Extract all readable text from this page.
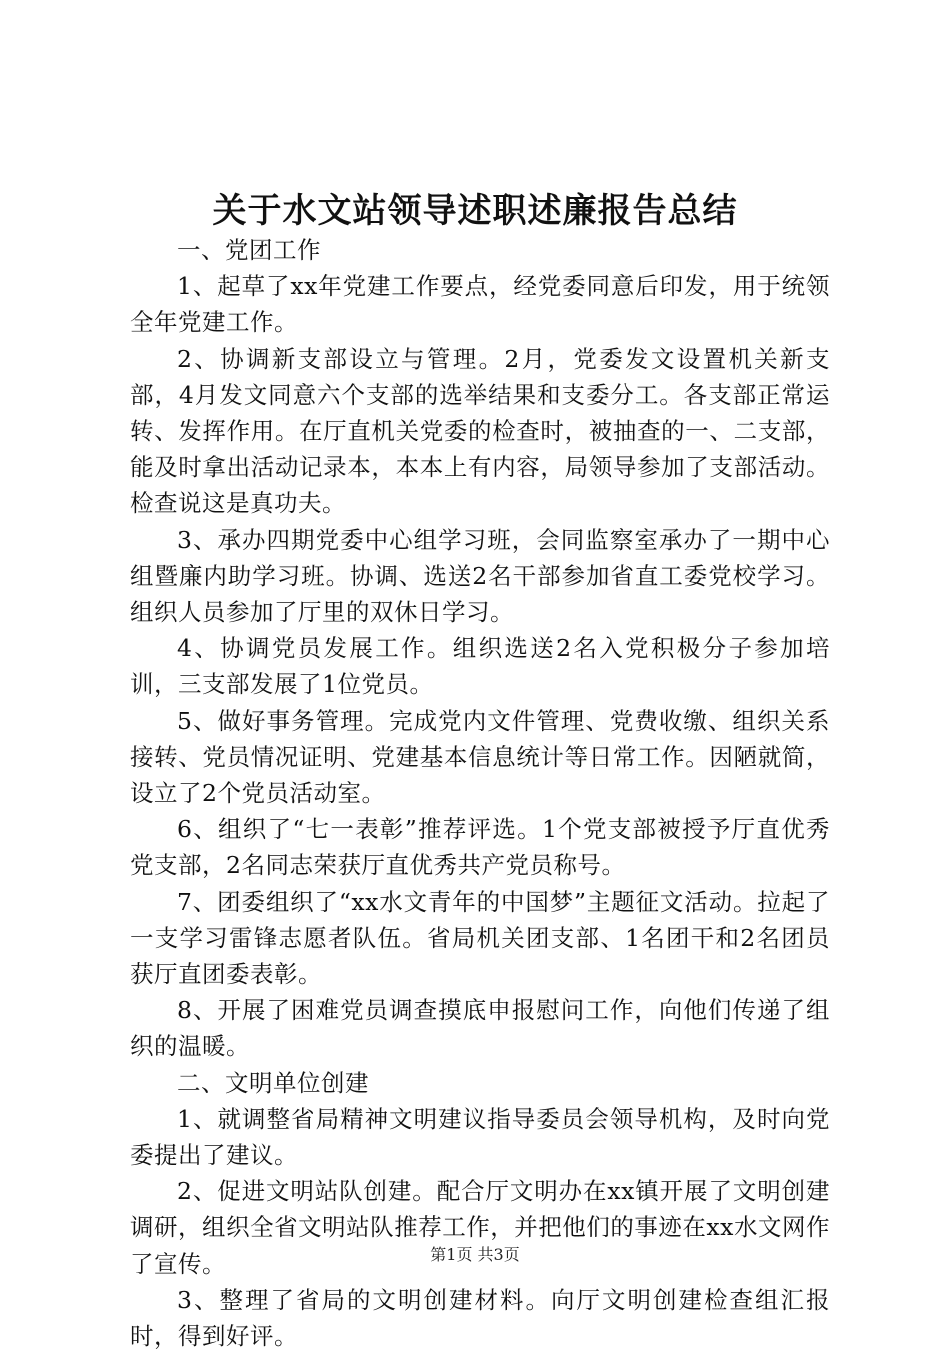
关于水文站领导述职述廉报告总结

一、党团工作

1、起草了xx年党建工作要点，经党委同意后印发，用于统领全年党建工作。

2、协调新支部设立与管理。2月，党委发文设置机关新支部，4月发文同意六个支部的选举结果和支委分工。各支部正常运转、发挥作用。在厅直机关党委的检查时，被抽查的一、二支部，能及时拿出活动记录本，本本上有内容，局领导参加了支部活动。检查说这是真功夫。

3、承办四期党委中心组学习班，会同监察室承办了一期中心组暨廉内助学习班。协调、选送2名干部参加省直工委党校学习。组织人员参加了厅里的双休日学习。

4、协调党员发展工作。组织选送2名入党积极分子参加培训，三支部发展了1位党员。

5、做好事务管理。完成党内文件管理、党费收缴、组织关系接转、党员情况证明、党建基本信息统计等日常工作。因陋就简，设立了2个党员活动室。

6、组织了“七一表彰”推荐评选。1个党支部被授予厅直优秀党支部，2名同志荣获厅直优秀共产党员称号。

7、团委组织了“xx水文青年的中国梦”主题征文活动。拉起了一支学习雷锋志愿者队伍。省局机关团支部、1名团干和2名团员获厅直团委表彰。

8、开展了困难党员调查摸底申报慰问工作，向他们传递了组织的温暖。

二、文明单位创建

1、就调整省局精神文明建议指导委员会领导机构，及时向党委提出了建议。

2、促进文明站队创建。配合厅文明办在xx镇开展了文明创建调研，组织全省文明站队推荐工作，并把他们的事迹在xx水文网作了宣传。

3、整理了省局的文明创建材料。向厅文明创建检查组汇报时，得到好评。

第1页 共3页
